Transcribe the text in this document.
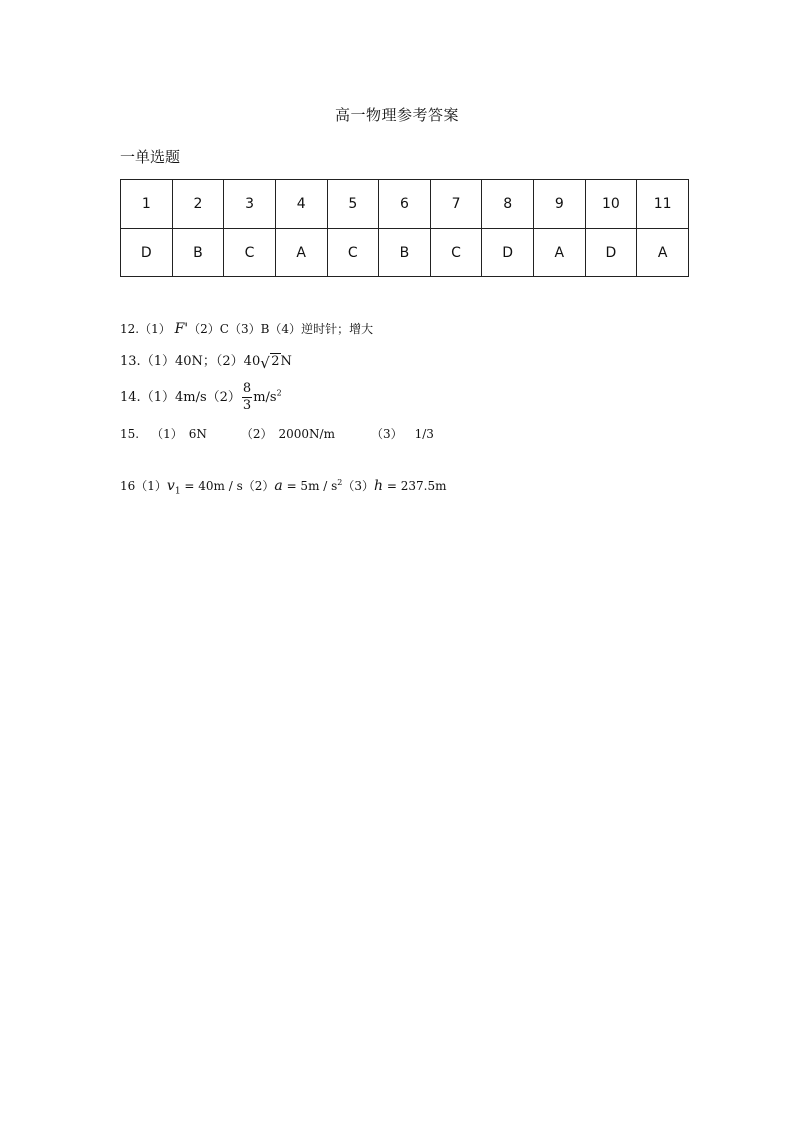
高一物理参考答案
一单选题
1	2	3	4	5	6	7	8	9	10	11
D	B	C	A	C	B	C	D	A	D	A
12.（1） F'（2）C（3）B（4）逆时针；增大
13.（1）40N；（2）40 √ 2N
$14.(1)4m/s(2) \frac{8}{3} m/s^2$
15. （1） 6N	（2） 2000N/m	（3） 1/3
$16(1)v_1 = 40m / s(2)a = 5m / s^2(3)h = 237.5m$
